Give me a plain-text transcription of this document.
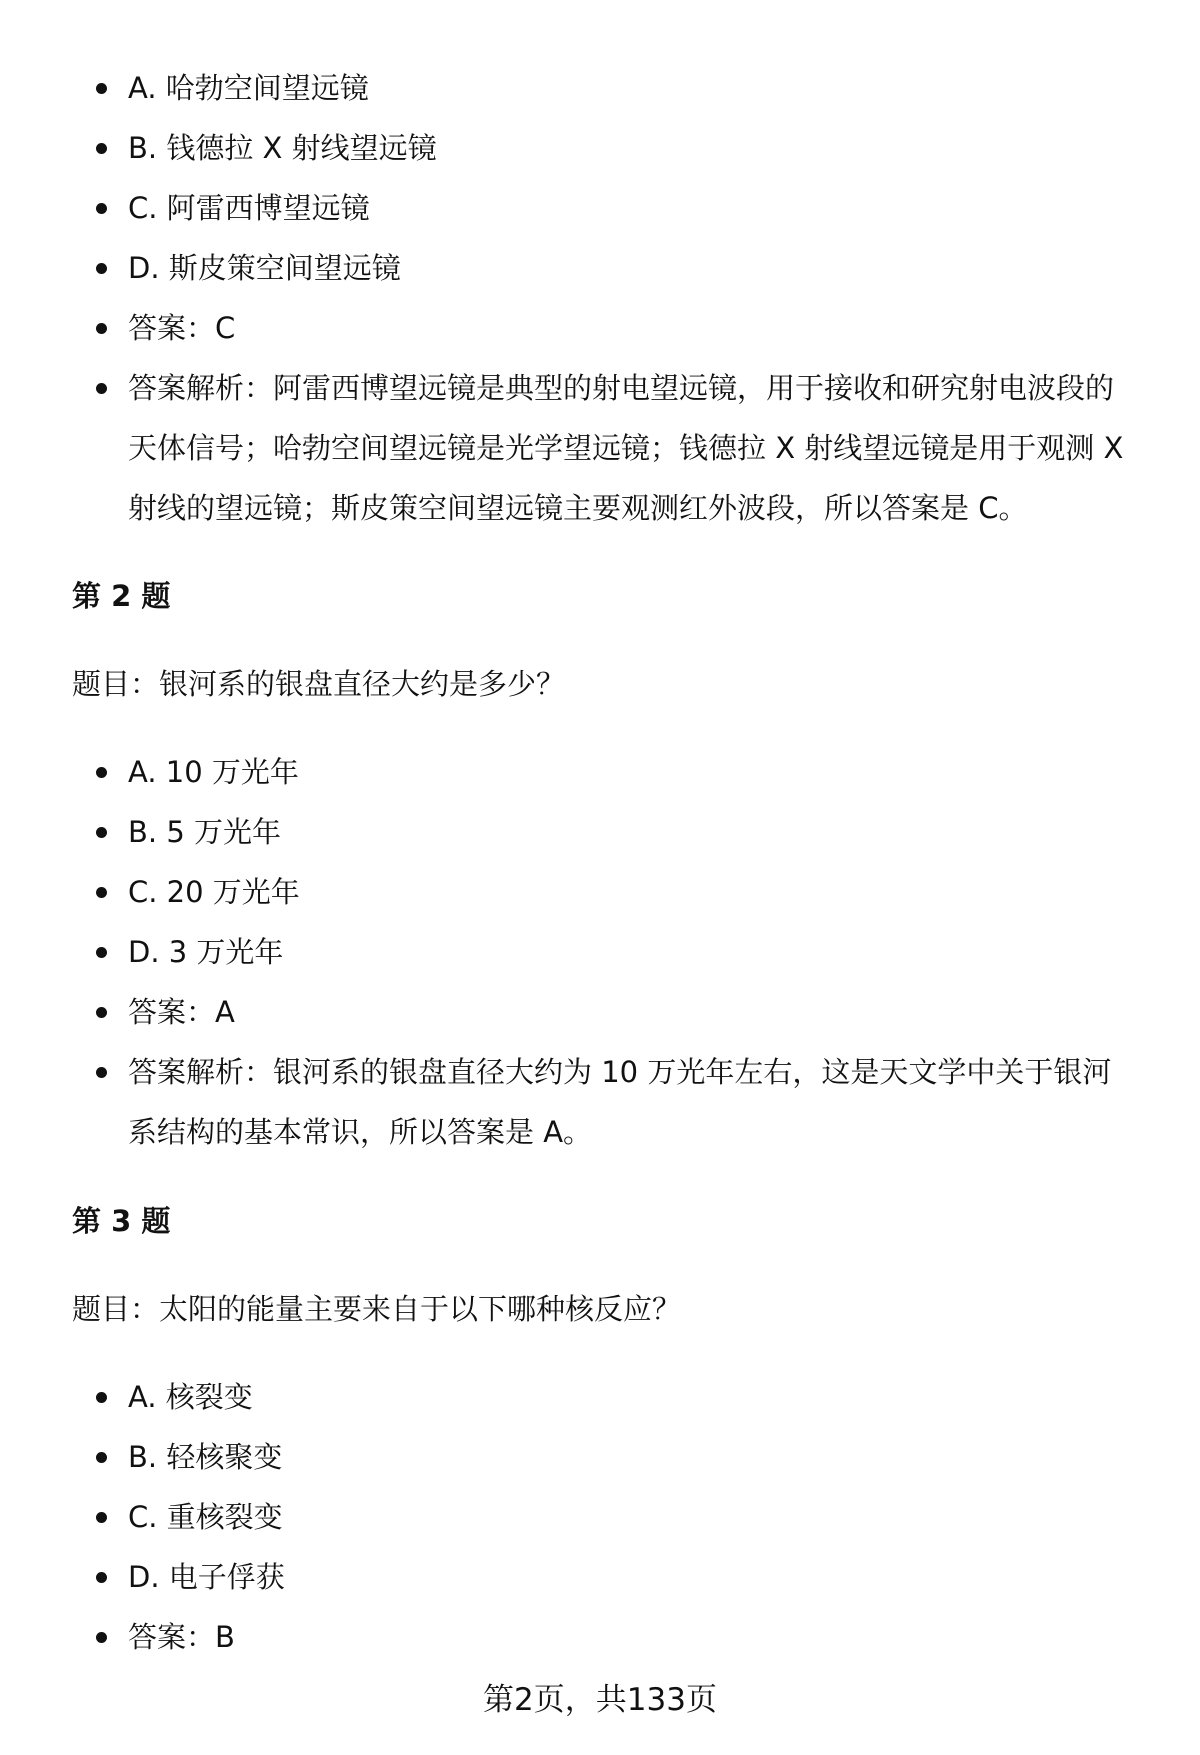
A. 哈勃空间望远镜
B. 钱德拉 X 射线望远镜
C. 阿雷西博望远镜
D. 斯皮策空间望远镜
答案：C
答案解析：阿雷西博望远镜是典型的射电望远镜，用于接收和研究射电波段的天体信号；哈勃空间望远镜是光学望远镜；钱德拉 X 射线望远镜是用于观测 X 射线的望远镜；斯皮策空间望远镜主要观测红外波段，所以答案是 C。
第 2 题
题目：银河系的银盘直径大约是多少？
A. 10 万光年
B. 5 万光年
C. 20 万光年
D. 3 万光年
答案：A
答案解析：银河系的银盘直径大约为 10 万光年左右，这是天文学中关于银河系结构的基本常识，所以答案是 A。
第 3 题
题目：太阳的能量主要来自于以下哪种核反应？
A. 核裂变
B. 轻核聚变
C. 重核裂变
D. 电子俘获
答案：B
第2页，共133页
